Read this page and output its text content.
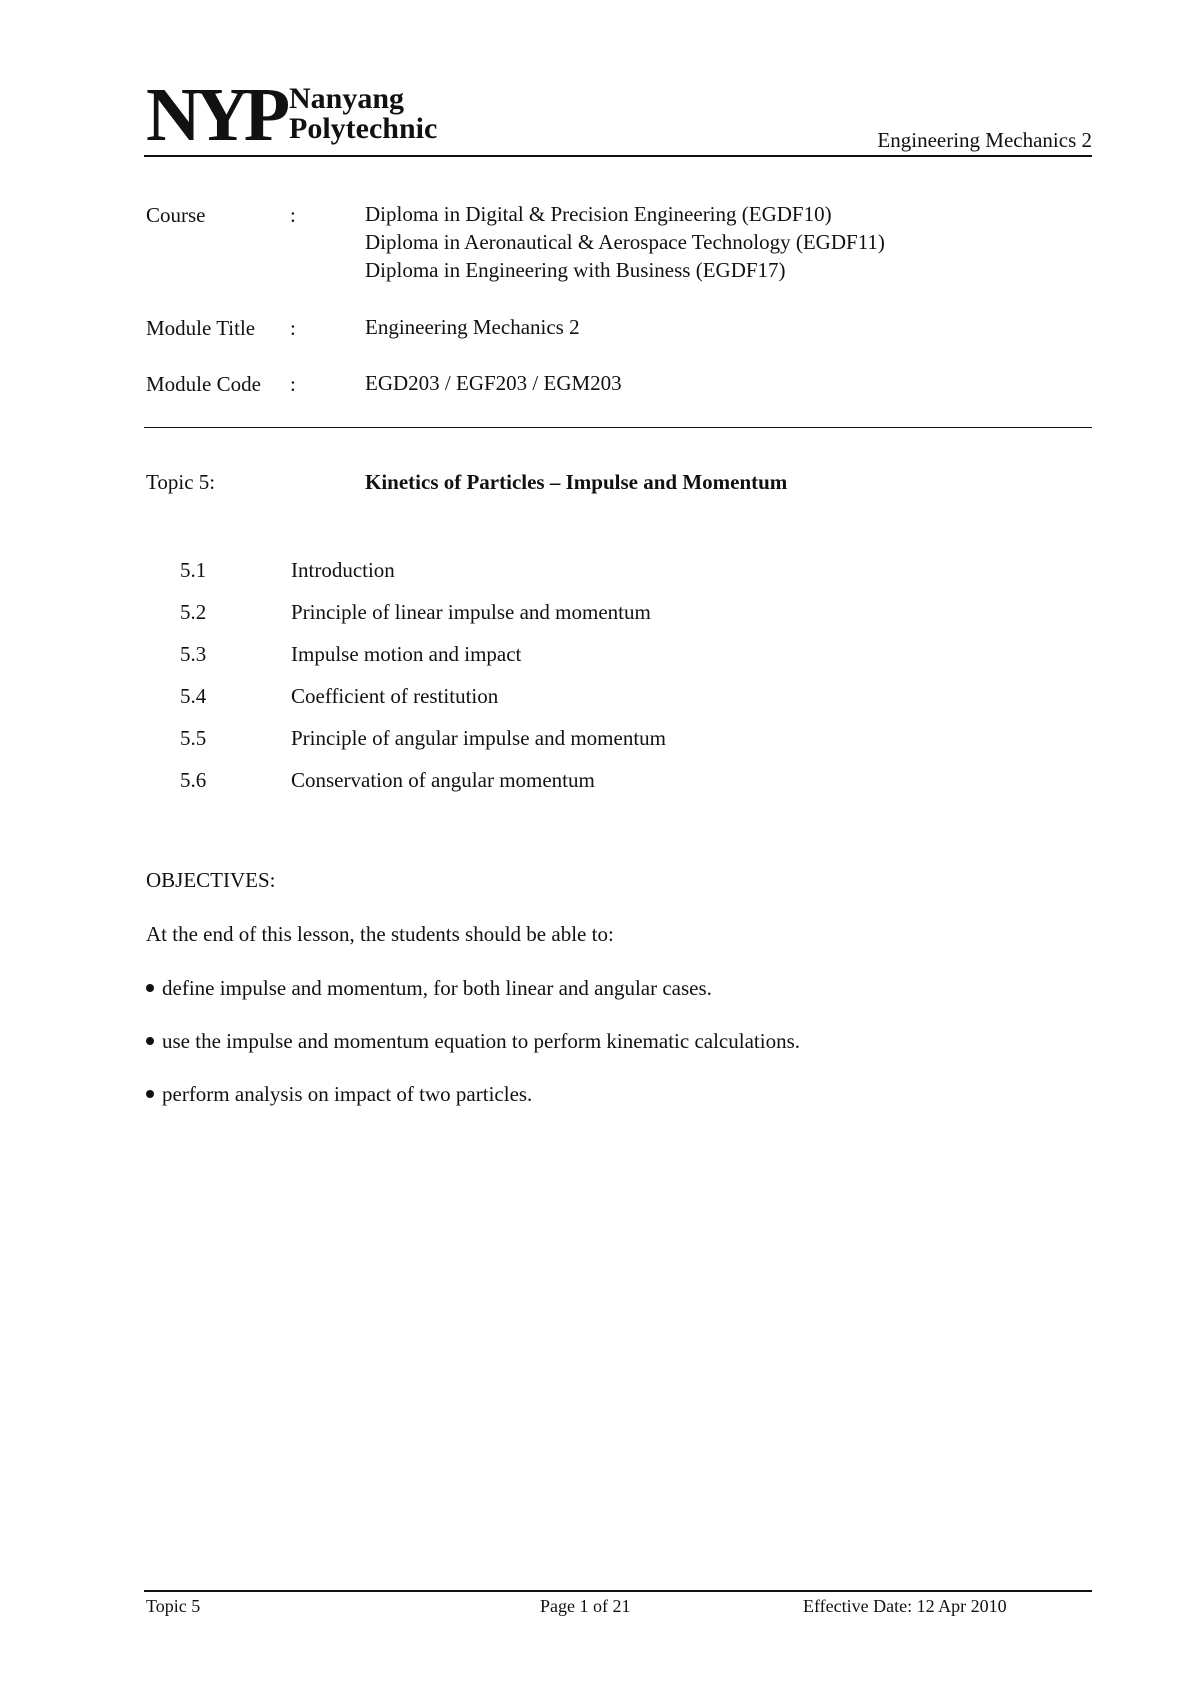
NYP Nanyang
Polytechnic	Engineering Mechanics 2
Course	:	Diploma in Digital & Precision Engineering (EGDF10)
Diploma in Aeronautical & Aerospace Technology (EGDF11)
Diploma in Engineering with Business (EGDF17)
Module Title :	Engineering Mechanics 2
Module Code :	EGD203 / EGF203 / EGM203
Topic 5:	Kinetics of Particles – Impulse and Momentum
5.1	Introduction
5.2	Principle of linear impulse and momentum
5.3	Impulse motion and impact
5.4	Coefficient of restitution
5.5	Principle of angular impulse and momentum
5.6	Conservation of angular momentum
OBJECTIVES:
At the end of this lesson, the students should be able to:
define impulse and momentum, for both linear and angular cases.
use the impulse and momentum equation to perform kinematic calculations.
perform analysis on impact of two particles.
Topic 5	Page 1 of 21	Effective Date: 12 Apr 2010
